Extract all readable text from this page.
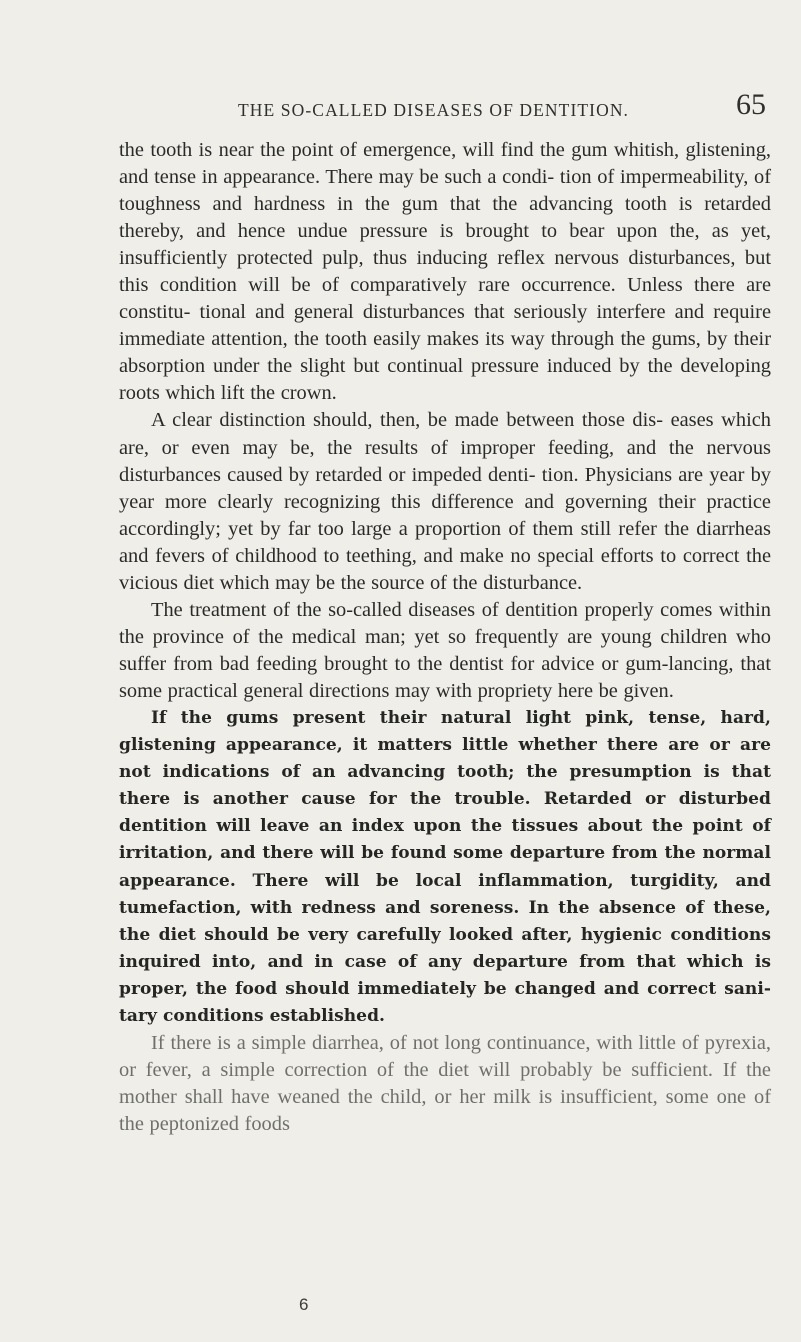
THE SO-CALLED DISEASES OF DENTITION.	65

the tooth is near the point of emergence, will find the gum whitish, glistening, and tense in appearance. There may be such a condi- tion of impermeability, of toughness and hardness in the gum that the advancing tooth is retarded thereby, and hence undue pressure is brought to bear upon the, as yet, insufficiently protected pulp, thus inducing reflex nervous disturbances, but this condition will be of comparatively rare occurrence. Unless there are constitu- tional and general disturbances that seriously interfere and require immediate attention, the tooth easily makes its way through the gums, by their absorption under the slight but continual pressure induced by the developing roots which lift the crown.

A clear distinction should, then, be made between those dis- eases which are, or even may be, the results of improper feeding, and the nervous disturbances caused by retarded or impeded denti- tion. Physicians are year by year more clearly recognizing this difference and governing their practice accordingly; yet by far too large a proportion of them still refer the diarrheas and fevers of childhood to teething, and make no special efforts to correct the vicious diet which may be the source of the disturbance.

The treatment of the so-called diseases of dentition properly comes within the province of the medical man; yet so frequently are young children who suffer from bad feeding brought to the dentist for advice or gum-lancing, that some practical general directions may with propriety here be given.

If the gums present their natural light pink, tense, hard, glistening appearance, it matters little whether there are or are not indications of an advancing tooth; the presumption is that there is another cause for the trouble. Retarded or disturbed dentition will leave an index upon the tissues about the point of irritation, and there will be found some departure from the normal appearance. There will be local inflammation, turgidity, and tumefaction, with redness and soreness. In the absence of these, the diet should be very carefully looked after, hygienic conditions inquired into, and in case of any departure from that which is proper, the food should immediately be changed and correct sani- tary conditions established.

If there is a simple diarrhea, of not long continuance, with little of pyrexia, or fever, a simple correction of the diet will probably be sufficient. If the mother shall have weaned the child, or her milk is insufficient, some one of the peptonized foods

6
